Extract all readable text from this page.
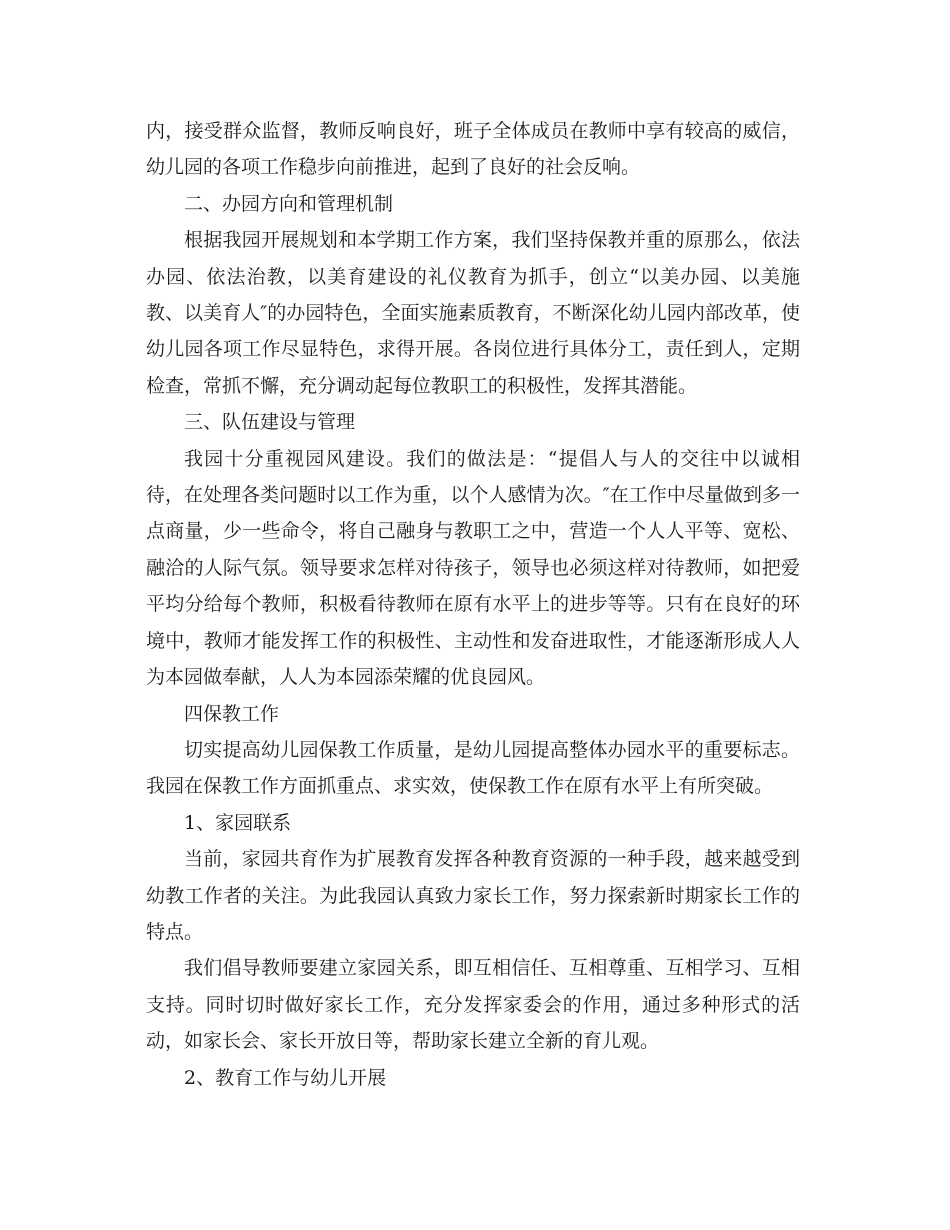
内，接受群众监督，教师反响良好，班子全体成员在教师中享有较高的威信，幼儿园的各项工作稳步向前推进，起到了良好的社会反响。

二、办园方向和管理机制

根据我园开展规划和本学期工作方案，我们坚持保教并重的原那么，依法办园、依法治教，以美育建设的礼仪教育为抓手，创立“以美办园、以美施教、以美育人″的办园特色，全面实施素质教育，不断深化幼儿园内部改革，使幼儿园各项工作尽显特色，求得开展。各岗位进行具体分工，责任到人，定期检查，常抓不懈，充分调动起每位教职工的积极性，发挥其潜能。

三、队伍建设与管理

我园十分重视园风建设。我们的做法是：“提倡人与人的交往中以诚相待，在处理各类问题时以工作为重，以个人感情为次。″在工作中尽量做到多一点商量，少一些命令，将自己融身与教职工之中，营造一个人人平等、宽松、融洽的人际气氛。领导要求怎样对待孩子，领导也必须这样对待教师，如把爱平均分给每个教师，积极看待教师在原有水平上的进步等等。只有在良好的环境中，教师才能发挥工作的积极性、主动性和发奋进取性，才能逐渐形成人人为本园做奉献，人人为本园添荣耀的优良园风。

四保教工作

切实提高幼儿园保教工作质量，是幼儿园提高整体办园水平的重要标志。我园在保教工作方面抓重点、求实效，使保教工作在原有水平上有所突破。

1、家园联系

当前，家园共育作为扩展教育发挥各种教育资源的一种手段，越来越受到幼教工作者的关注。为此我园认真致力家长工作，努力探索新时期家长工作的特点。

我们倡导教师要建立家园关系，即互相信任、互相尊重、互相学习、互相支持。同时切时做好家长工作，充分发挥家委会的作用，通过多种形式的活动，如家长会、家长开放日等，帮助家长建立全新的育儿观。

2、教育工作与幼儿开展
